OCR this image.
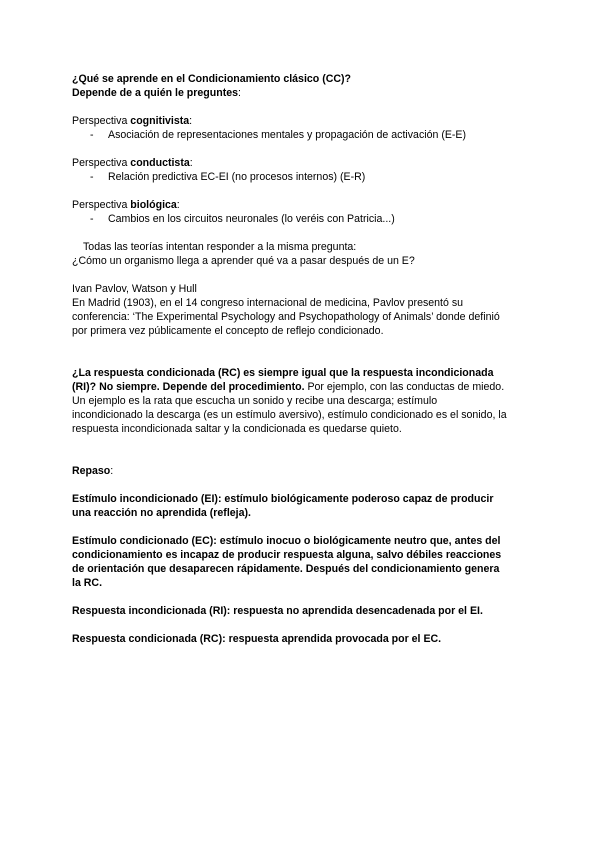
¿Qué se aprende en el Condicionamiento clásico (CC)?

Depende de a quién le preguntes:

Perspectiva cognitivista:

- Asociación de representaciones mentales y propagación de activación (E-E)

Perspectiva conductista:

- Relación predictiva EC-EI (no procesos internos) (E-R)

Perspectiva biológica:

- Cambios en los circuitos neuronales (lo veréis con Patricia...)

Todas las teorías intentan responder a la misma pregunta:

¿Cómo un organismo llega a aprender qué va a pasar después de un E?

Ivan Pavlov, Watson y Hull

En Madrid (1903), en el 14 congreso internacional de medicina, Pavlov presentó su

conferencia: ‘The Experimental Psychology and Psychopathology of Animals’ donde definió

por primera vez públicamente el concepto de reflejo condicionado.

¿La respuesta condicionada (RC) es siempre igual que la respuesta incondicionada

(RI)? No siempre. Depende del procedimiento. Por ejemplo, con las conductas de miedo.

Un ejemplo es la rata que escucha un sonido y recibe una descarga; estímulo

incondicionado la descarga (es un estímulo aversivo), estímulo condicionado es el sonido, la

respuesta incondicionada saltar y la condicionada es quedarse quieto.

Repaso:

Estímulo incondicionado (EI): estímulo biológicamente poderoso capaz de producir

una reacción no aprendida (refleja).

Estímulo condicionado (EC): estímulo inocuo o biológicamente neutro que, antes del

condicionamiento es incapaz de producir respuesta alguna, salvo débiles reacciones

de orientación que desaparecen rápidamente. Después del condicionamiento genera

la RC.

Respuesta incondicionada (RI): respuesta no aprendida desencadenada por el EI.

Respuesta condicionada (RC): respuesta aprendida provocada por el EC.
